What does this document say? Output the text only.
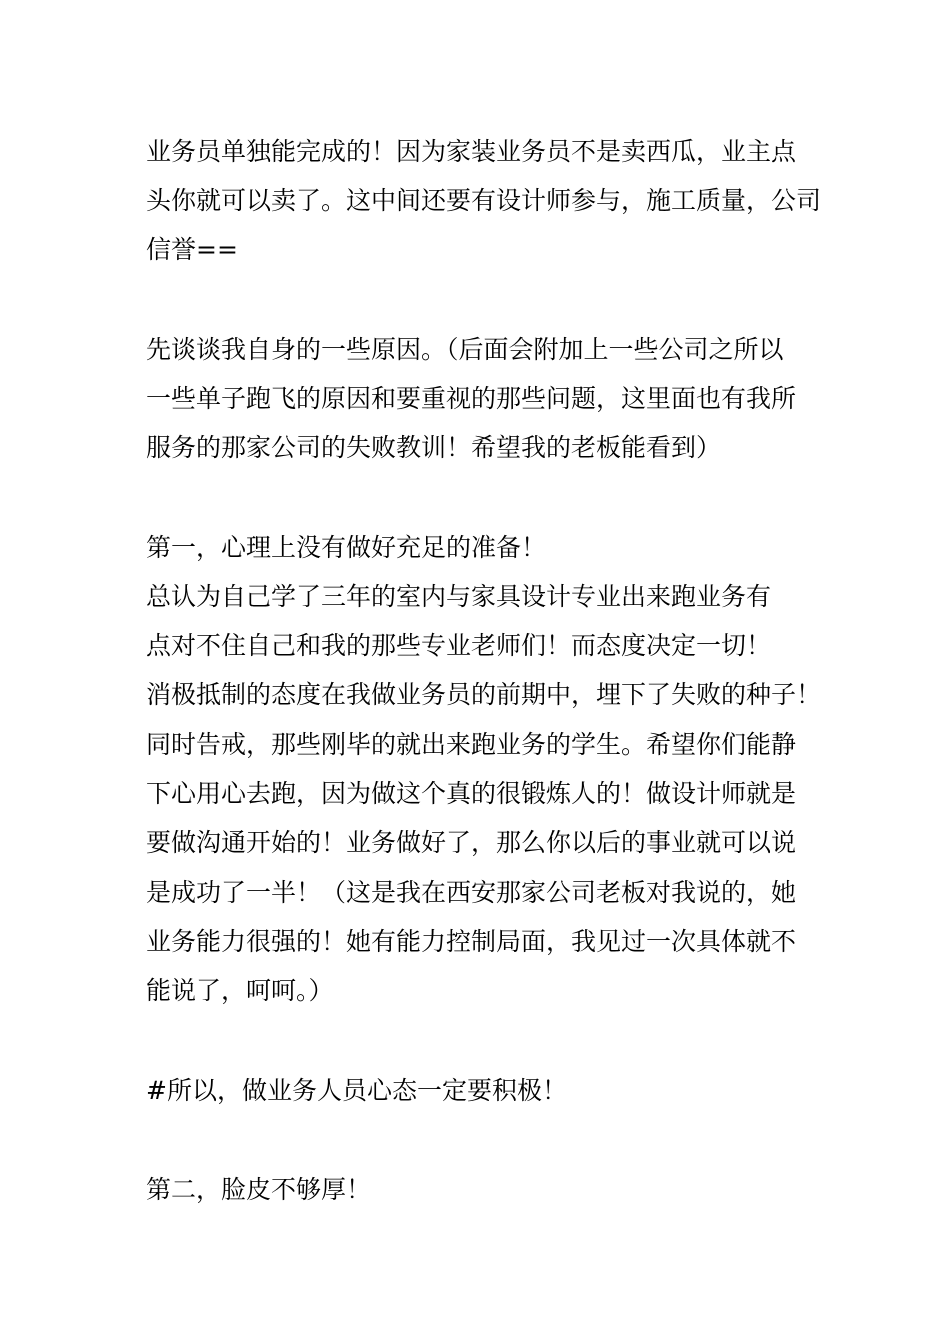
业务员单独能完成的！因为家装业务员不是卖西瓜，业主点
头你就可以卖了。这中间还要有设计师参与，施工质量，公司
信誉==
先谈谈我自身的一些原因。（后面会附加上一些公司之所以
一些单子跑飞的原因和要重视的那些问题，这里面也有我所
服务的那家公司的失败教训！希望我的老板能看到）
第一，心理上没有做好充足的准备！
总认为自己学了三年的室内与家具设计专业出来跑业务有
点对不住自己和我的那些专业老师们！而态度决定一切！
消极抵制的态度在我做业务员的前期中，埋下了失败的种子！
同时告戒，那些刚毕的就出来跑业务的学生。希望你们能静
下心用心去跑，因为做这个真的很锻炼人的！做设计师就是
要做沟通开始的！业务做好了，那么你以后的事业就可以说
是成功了一半！（这是我在西安那家公司老板对我说的，她
业务能力很强的！她有能力控制局面，我见过一次具体就不
能说了，呵呵。）
#所以，做业务人员心态一定要积极！
第二，脸皮不够厚！
